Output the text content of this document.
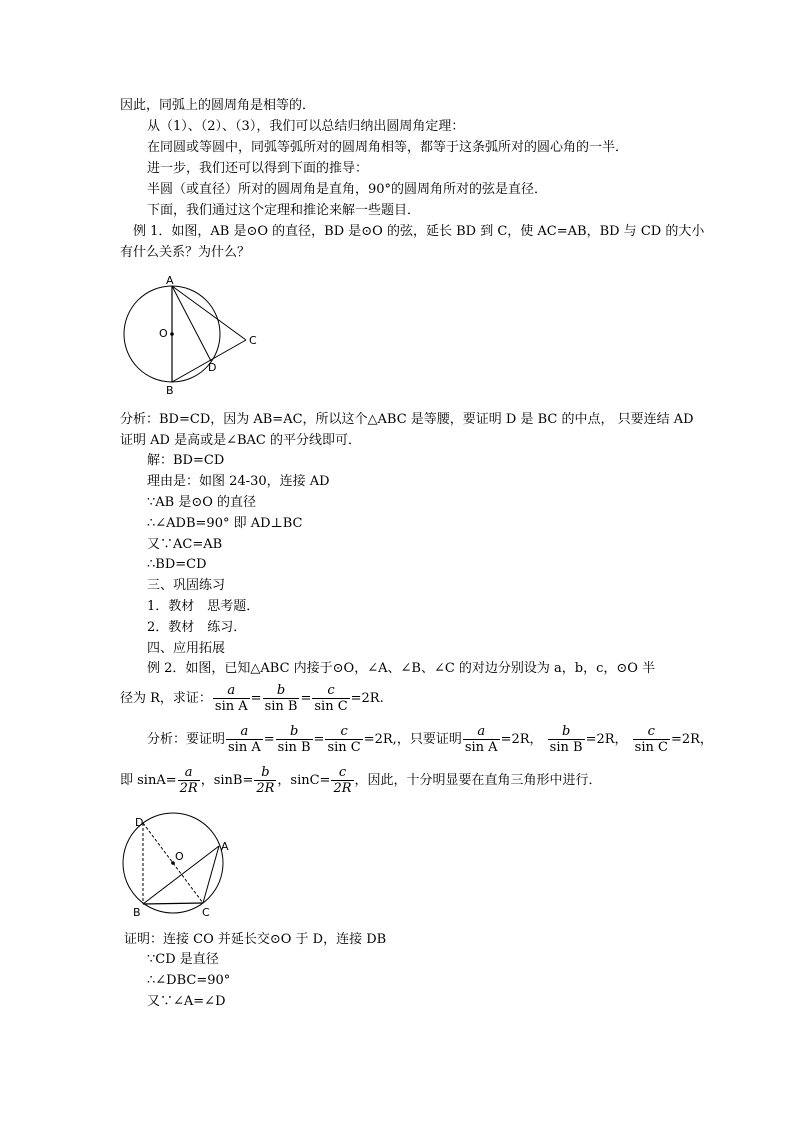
因此，同弧上的圆周角是相等的．
从（1）、（2）、（3），我们可以总结归纳出圆周角定理：
在同圆或等圆中，同弧等弧所对的圆周角相等，都等于这条弧所对的圆心角的一半．
进一步，我们还可以得到下面的推导：
半圆（或直径）所对的圆周角是直角，90°的圆周角所对的弦是直径．
下面，我们通过这个定理和推论来解一些题目．
例 1．如图，AB 是⊙O 的直径，BD 是⊙O 的弦，延长 BD 到 C，使 AC=AB，BD 与 CD 的大小
有什么关系？为什么？
A
O
C
D
B
分析：BD=CD，因为 AB=AC，所以这个△ABC 是等腰，要证明 D 是 BC 的中点， 只要连结 AD
证明 AD 是高或是∠BAC 的平分线即可．
解：BD=CD
理由是：如图 24-30，连接 AD
∵AB 是⊙O 的直径
∴∠ADB=90° 即 AD⊥BC
又∵AC=AB
∴BD=CD
三、巩固练习
1．教材　思考题．
2．教材　练习．
四、应用拓展
例 2．如图，已知△ABC 内接于⊙O，∠A、∠B、∠C 的对边分别设为 a，b，c，⊙O 半
径为 R，求证： $\frac{a}{\text{sin A}} = \frac{b}{\text{sin B}} = \frac{c}{\text{sin C}} =2R$.
分析：要证明 $\frac{a}{\text{sin A}} = \frac{b}{\text{sin B}} = \frac{c}{\text{sin C}} =2R$,，只要证明 $\frac{a}{\text{sin A}} =2R$， $\frac{b}{\text{sin B}} =2R$， $\frac{c}{\text{sin C}} =2R$，
即 $\sin A= \frac{a}{2R}$ ，$\sin B= \frac{b}{2R}$ ，$\sin C= \frac{c}{2R}$ ，因此，十分明显要在直角三角形中进行．
D
O
A
B	C
证明：连接 CO 并延长交⊙O 于 D，连接 DB
∵CD 是直径
∴∠DBC=90°
又∵∠A=∠D
